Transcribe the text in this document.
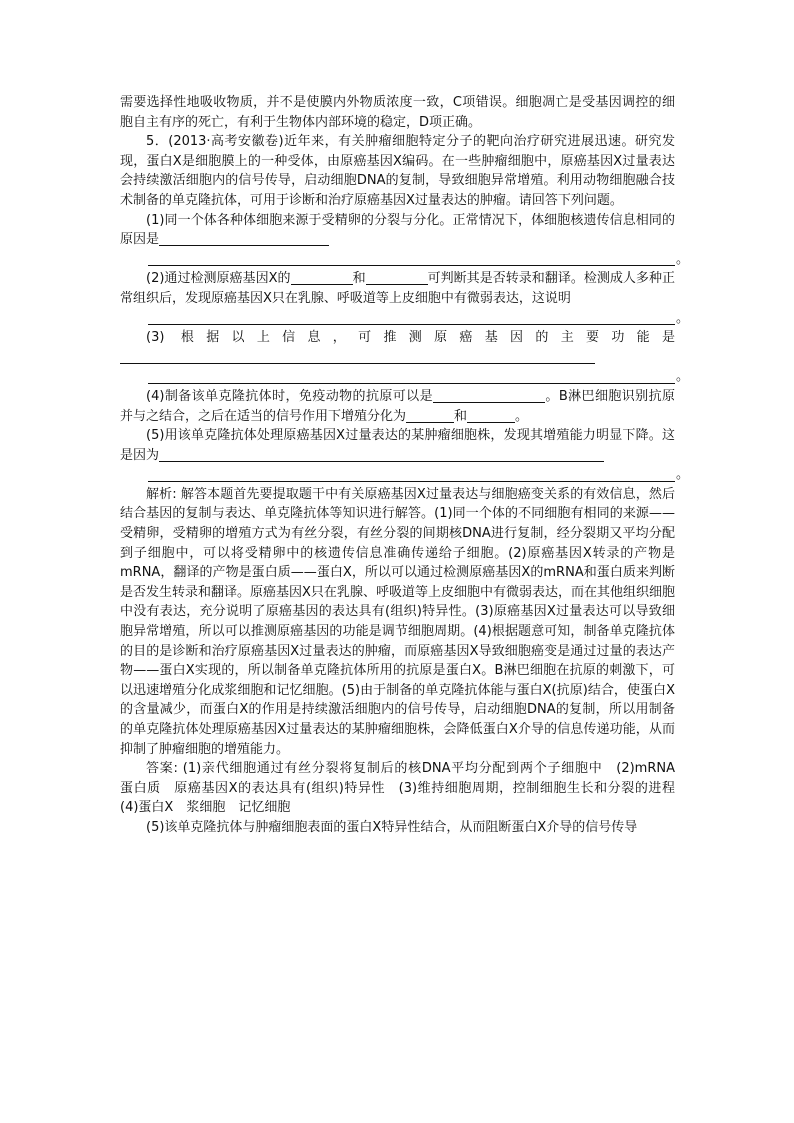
需要选择性地吸收物质，并不是使膜内外物质浓度一致，C项错误。细胞凋亡是受基因调控的细胞自主有序的死亡，有利于生物体内部环境的稳定，D项正确。

5．(2013·高考安徽卷)近年来，有关肿瘤细胞特定分子的靶向治疗研究进展迅速。研究发现，蛋白X是细胞膜上的一种受体，由原癌基因X编码。在一些肿瘤细胞中，原癌基因X过量表达会持续激活细胞内的信号传导，启动细胞DNA的复制，导致细胞异常增殖。利用动物细胞融合技术制备的单克隆抗体，可用于诊断和治疗原癌基因X过量表达的肿瘤。请回答下列问题。

(1)同一个体各种体细胞来源于受精卵的分裂与分化。正常情况下，体细胞核遗传信息相同的原因是

。

(2)通过检测原癌基因X的	和	可判断其是否转录和翻译。检测成人多种正常组织后，发现原癌基因X只在乳腺、呼吸道等上皮细胞中有微弱表达，这说明

。

(3) 根据以上信息，可推测原癌基因的主要功能是

。

(4)制备该单克隆抗体时，免疫动物的抗原可以是	。B淋巴细胞识别抗原并与之结合，之后在适当的信号作用下增殖分化为	和	。

(5)用该单克隆抗体处理原癌基因X过量表达的某肿瘤细胞株，发现其增殖能力明显下降。这是因为

。

解析: 解答本题首先要提取题干中有关原癌基因X过量表达与细胞癌变关系的有效信息，然后结合基因的复制与表达、单克隆抗体等知识进行解答。(1)同一个体的不同细胞有相同的来源——受精卵，受精卵的增殖方式为有丝分裂，有丝分裂的间期核DNA进行复制，经分裂期又平均分配到子细胞中，可以将受精卵中的核遗传信息准确传递给子细胞。(2)原癌基因X转录的产物是mRNA，翻译的产物是蛋白质——蛋白X，所以可以通过检测原癌基因X的mRNA和蛋白质来判断是否发生转录和翻译。原癌基因X只在乳腺、呼吸道等上皮细胞中有微弱表达，而在其他组织细胞中没有表达，充分说明了原癌基因的表达具有(组织)特异性。(3)原癌基因X过量表达可以导致细胞异常增殖，所以可以推测原癌基因的功能是调节细胞周期。(4)根据题意可知，制备单克隆抗体的目的是诊断和治疗原癌基因X过量表达的肿瘤，而原癌基因X导致细胞癌变是通过过量的表达产物——蛋白X实现的，所以制备单克隆抗体所用的抗原是蛋白X。B淋巴细胞在抗原的刺激下，可以迅速增殖分化成浆细胞和记忆细胞。(5)由于制备的单克隆抗体能与蛋白X(抗原)结合，使蛋白X的含量减少，而蛋白X的作用是持续激活细胞内的信号传导，启动细胞DNA的复制，所以用制备的单克隆抗体处理原癌基因X过量表达的某肿瘤细胞株，会降低蛋白X介导的信息传递功能，从而抑制了肿瘤细胞的增殖能力。

答案: (1)亲代细胞通过有丝分裂将复制后的核DNA平均分配到两个子细胞中　(2)mRNA　蛋白质　原癌基因X的表达具有(组织)特异性　(3)维持细胞周期，控制细胞生长和分裂的进程　(4)蛋白X　浆细胞　记忆细胞

(5)该单克隆抗体与肿瘤细胞表面的蛋白X特异性结合，从而阻断蛋白X介导的信号传导
